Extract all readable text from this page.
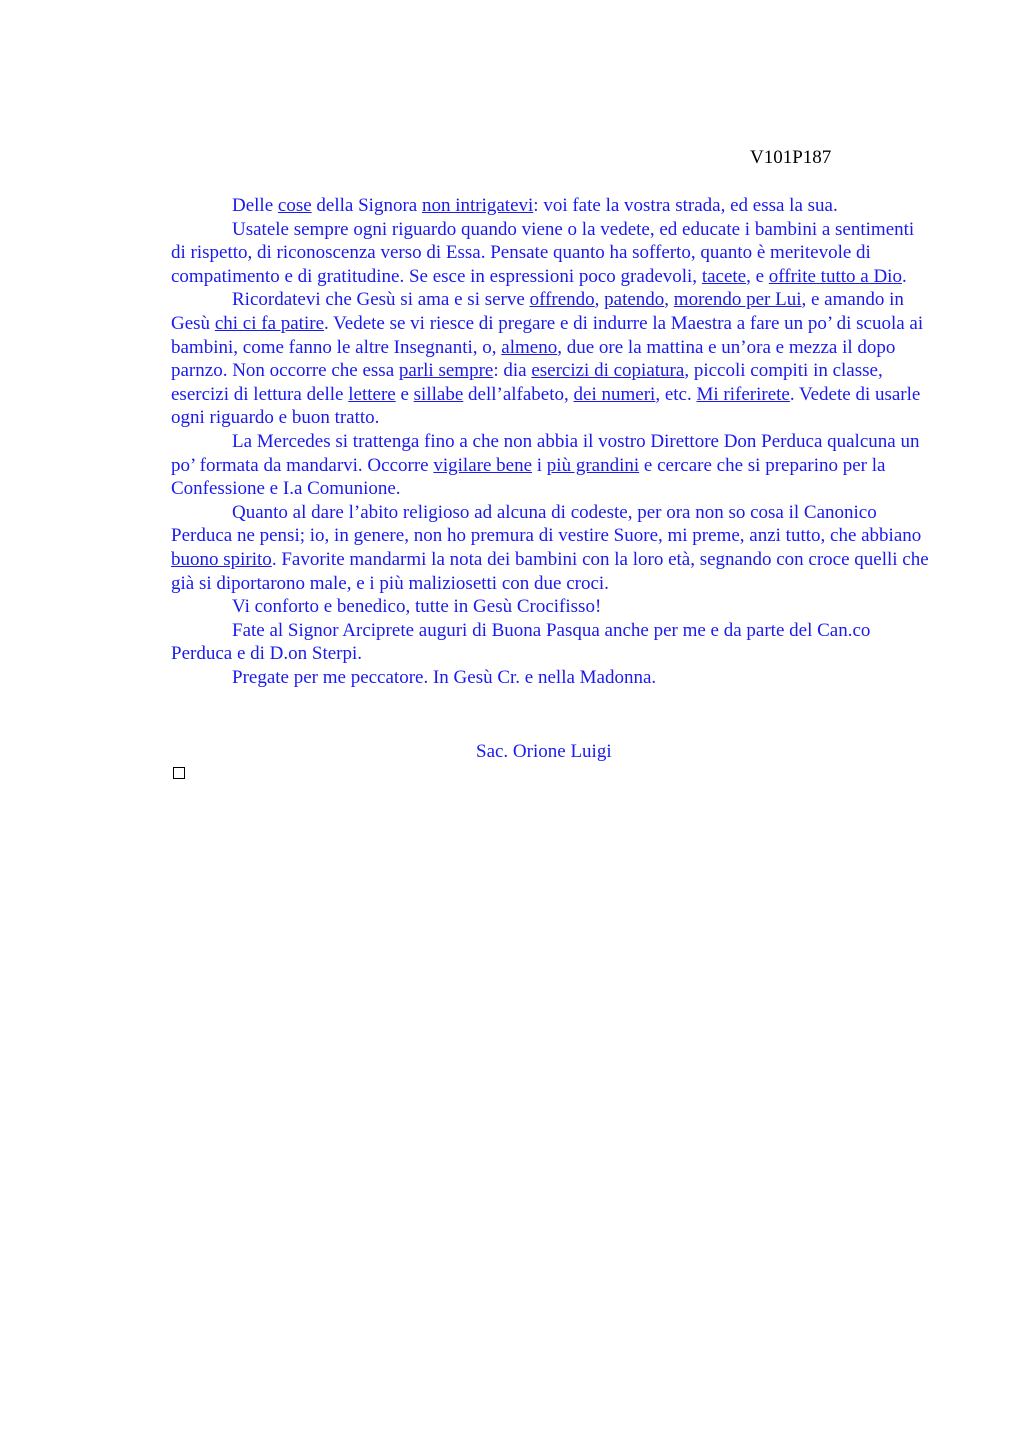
V101P187

Delle cose della Signora non intrigatevi: voi fate la vostra strada, ed essa la sua.

Usatele sempre ogni riguardo quando viene o la vedete, ed educate i bambini a sentimenti di rispetto, di riconoscenza verso di Essa. Pensate quanto ha sofferto, quanto è meritevole di compatimento e di gratitudine. Se esce in espressioni poco gradevoli, tacete, e offrite tutto a Dio.

Ricordatevi che Gesù si ama e si serve offrendo, patendo, morendo per Lui, e amando in Gesù chi ci fa patire. Vedete se vi riesce di pregare e di indurre la Maestra a fare un po’ di scuola ai bambini, come fanno le altre Insegnanti, o, almeno, due ore la mattina e un’ora e mezza il dopo parnzo. Non occorre che essa parli sempre: dia esercizi di copiatura, piccoli compiti in classe, esercizi di lettura delle lettere e sillabe dell’alfabeto, dei numeri, etc. Mi riferirete. Vedete di usarle ogni riguardo e buon tratto.

La Mercedes si trattenga fino a che non abbia il vostro Direttore Don Perduca qualcuna un po’ formata da mandarvi. Occorre vigilare bene i più grandini e cercare che si preparino per la Confessione e I.a Comunione.

Quanto al dare l’abito religioso ad alcuna di codeste, per ora non so cosa il Canonico Perduca ne pensi; io, in genere, non ho premura di vestire Suore, mi preme, anzi tutto, che abbiano buono spirito. Favorite mandarmi la nota dei bambini con la loro età, segnando con croce quelli che già si diportarono male, e i più maliziosetti con due croci.

Vi conforto e benedico, tutte in Gesù Crocifisso!

Fate al Signor Arciprete auguri di Buona Pasqua anche per me e da parte del Can.co Perduca e di D.on Sterpi.

Pregate per me peccatore. In Gesù Cr. e nella Madonna.

Sac. Orione Luigi
